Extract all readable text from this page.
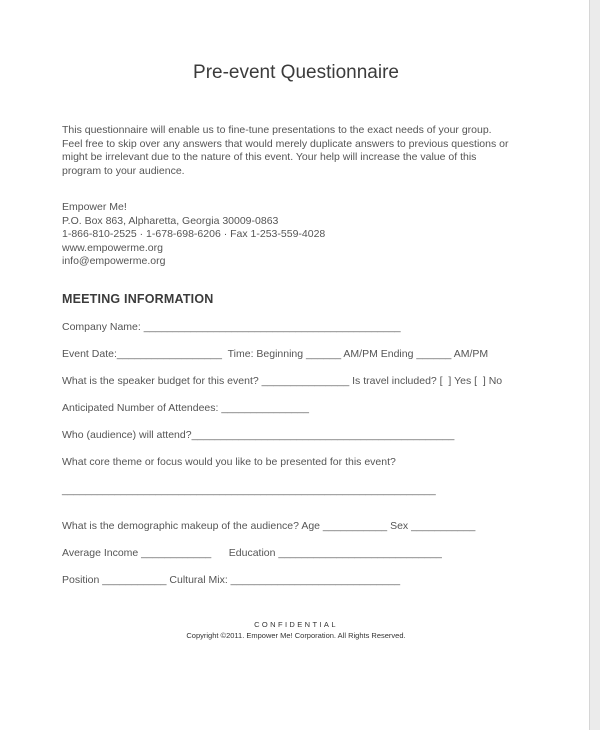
Pre-event Questionnaire
This questionnaire will enable us to fine-tune presentations to the exact needs of your group.
Feel free to skip over any answers that would merely duplicate answers to previous questions or
might be irrelevant due to the nature of this event. Your help will increase the value of this
program to your audience.
Empower Me!
P.O. Box 863, Alpharetta, Georgia 30009-0863
1-866-810-2525 · 1-678-698-6206 · Fax 1-253-559-4028
www.empowerme.org
info@empowerme.org
MEETING INFORMATION
Company Name: ____________________________________________
Event Date:__________________  Time: Beginning ______ AM/PM Ending ______ AM/PM
What is the speaker budget for this event? _______________ Is travel included? [  ] Yes [  ] No
Anticipated Number of Attendees: _______________
Who (audience) will attend?_____________________________________________
What core theme or focus would you like to be presented for this event?
________________________________________________________________
What is the demographic makeup of the audience? Age ___________ Sex ___________
Average Income ____________      Education ____________________________
Position ___________ Cultural Mix: _____________________________
CONFIDENTIAL
Copyright ©2011. Empower Me! Corporation. All Rights Reserved.
